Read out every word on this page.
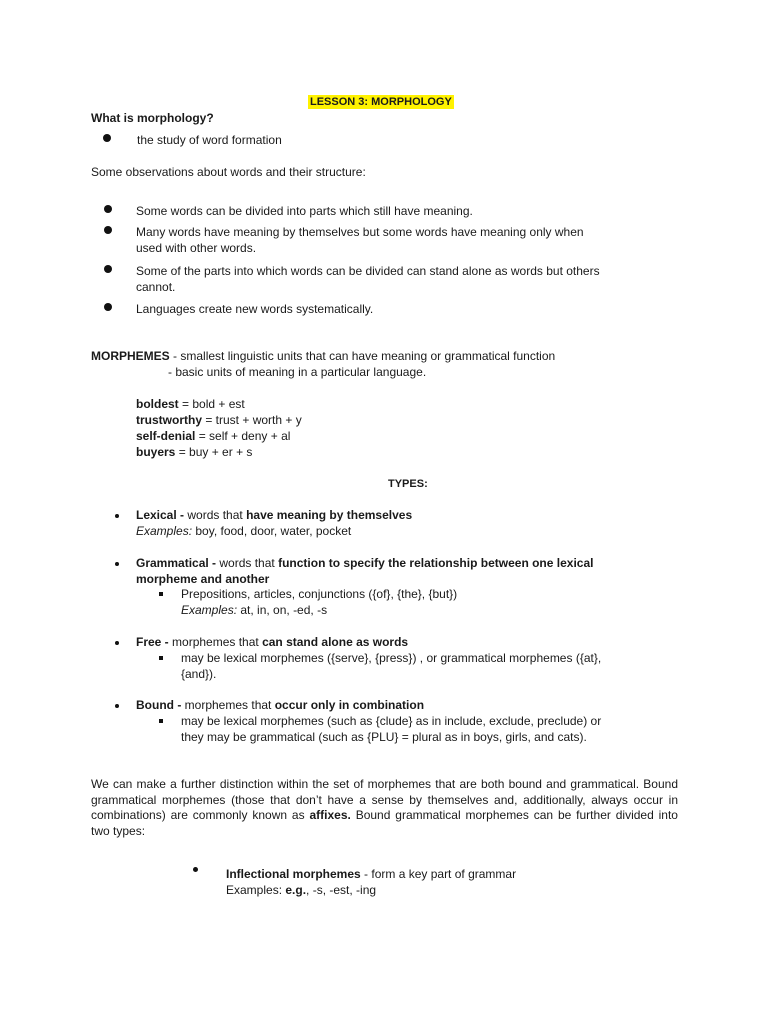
LESSON 3: MORPHOLOGY
What is morphology?
the study of word formation
Some observations about words and their structure:
Some words can be divided into parts which still have meaning.
Many words have meaning by themselves but some words have meaning only when
used with other words.
Some of the parts into which words can be divided can stand alone as words but others
cannot.
Languages create new words systematically.
MORPHEMES - smallest linguistic units that can have meaning or grammatical function
- basic units of meaning in a particular language.
boldest = bold + est
trustworthy = trust + worth + y
self-denial = self + deny + al
buyers = buy + er + s
TYPES:
Lexical - words that have meaning by themselves
Examples: boy, food, door, water, pocket
Grammatical - words that function to specify the relationship between one lexical
morpheme and another
Prepositions, articles, conjunctions ({of}, {the}, {but})
Examples: at, in, on, -ed, -s
Free - morphemes that can stand alone as words
may be lexical morphemes ({serve}, {press}) , or grammatical morphemes ({at},
{and}).
Bound - morphemes that occur only in combination
may be lexical morphemes (such as {clude} as in include, exclude, preclude) or
they may be grammatical (such as {PLU} = plural as in boys, girls, and cats).
We can make a further distinction within the set of morphemes that are both bound and grammatical. Bound grammatical morphemes (those that don’t have a sense by themselves and, additionally, always occur in combinations) are commonly known as affixes. Bound grammatical morphemes can be further divided into two types:
Inflectional morphemes - form a key part of grammar
Examples: e.g., -s, -est, -ing
